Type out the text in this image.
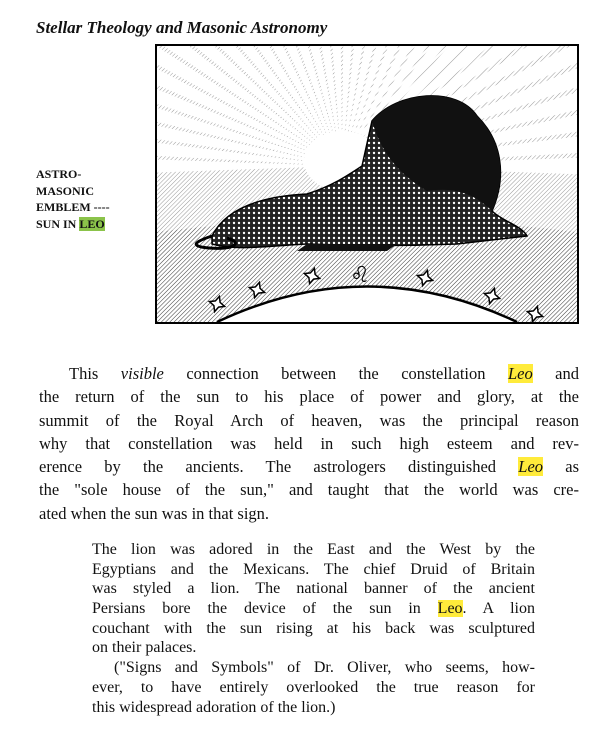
Stellar Theology and Masonic Astronomy
ASTRO-
MASONIC
EMBLEM ----
SUN IN LEO
♌
This visible connection between the constellation Leo and
the return of the sun to his place of power and glory, at the
summit of the Royal Arch of heaven, was the principal reason
why that constellation was held in such high esteem and rev-
erence by the ancients. The astrologers distinguished Leo as
the "sole house of the sun," and taught that the world was cre-
ated when the sun was in that sign.
The lion was adored in the East and the West by the
Egyptians and the Mexicans. The chief Druid of Britain
was styled a lion. The national banner of the ancient
Persians bore the device of the sun in Leo. A lion
couchant with the sun rising at his back was sculptured
on their palaces.
("Signs and Symbols" of Dr. Oliver, who seems, how-
ever, to have entirely overlooked the true reason for
this widespread adoration of the lion.)
